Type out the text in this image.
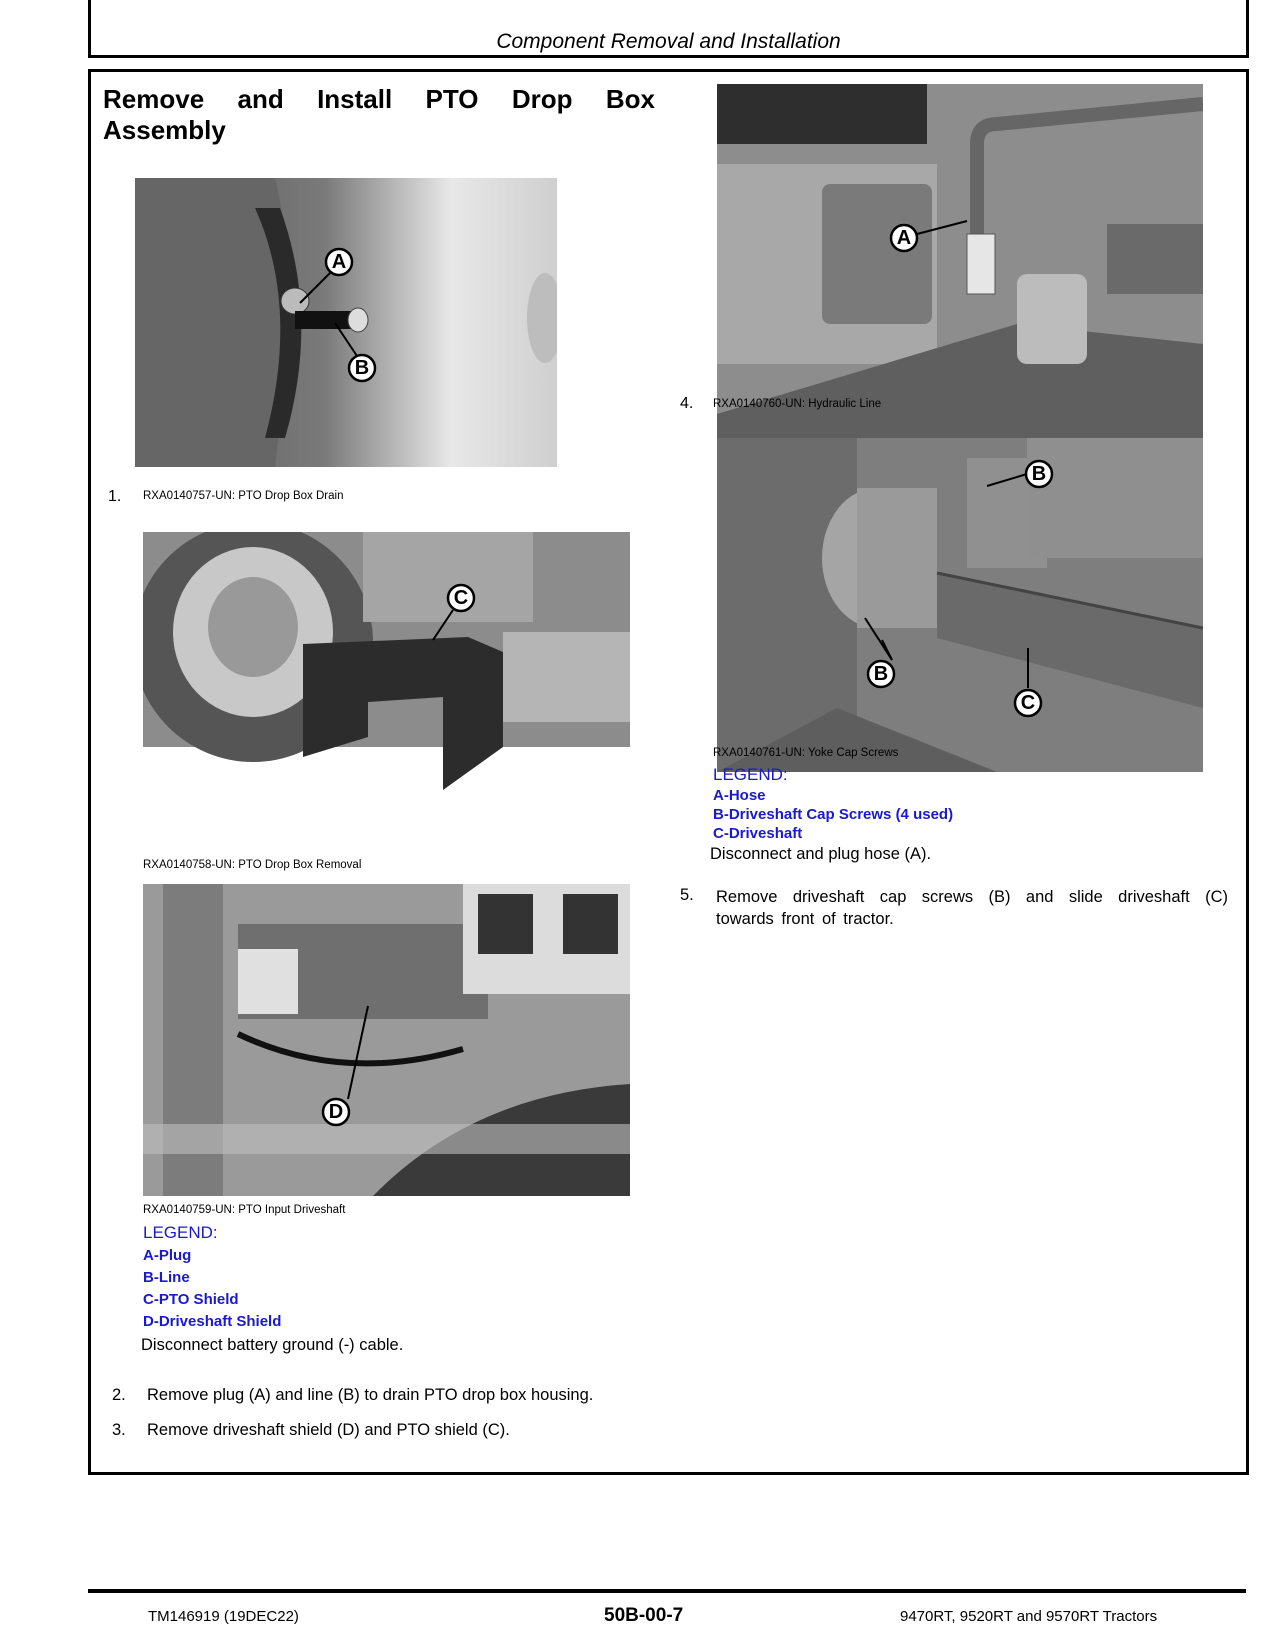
Component Removal and Installation
Remove and Install PTO Drop Box Assembly
A
B
1. RXA0140757-UN: PTO Drop Box Drain
C
RXA0140758-UN: PTO Drop Box Removal
D
RXA0140759-UN: PTO Input Driveshaft
LEGEND:
A-Plug
B-Line
C-PTO Shield
D-Driveshaft Shield
Disconnect battery ground (-) cable.
2. Remove plug (A) and line (B) to drain PTO drop box housing.
3. Remove driveshaft shield (D) and PTO shield (C).
A
4. RXA0140760-UN: Hydraulic Line
B
B
C
RXA0140761-UN: Yoke Cap Screws
LEGEND:
A-Hose
B-Driveshaft Cap Screws (4 used)
C-Driveshaft
Disconnect and plug hose (A).
5. Remove driveshaft cap screws (B) and slide driveshaft (C) towards front of tractor.
TM146919 (19DEC22)	50B-00-7	9470RT, 9520RT and 9570RT Tractors
